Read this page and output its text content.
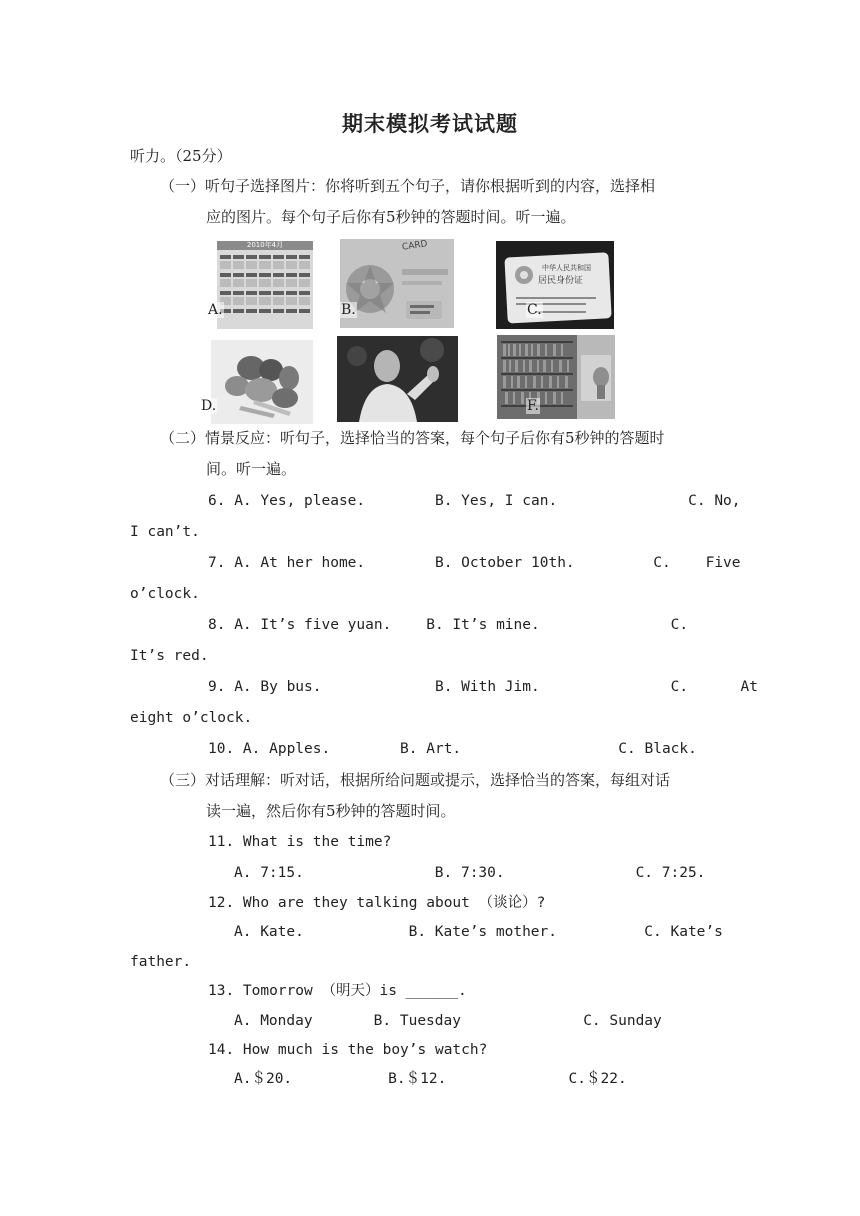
期末模拟考试试题
听力。（25分）
（一）听句子选择图片：你将听到五个句子，请你根据听到的内容，选择相
应的图片。每个句子后你有5秒钟的答题时间。听一遍。
2010年4月
A.
CARD
B.
中华人民共和国
居民身份证
C.
D.	F.
（二）情景反应：听句子，选择恰当的答案，每个句子后你有5秒钟的答题时
间。听一遍。
6. A. Yes, please.        B. Yes, I can.               C. No,
I can’t.
7. A. At her home.        B. October 10th.         C.    Five
o’clock.
8. A. It’s five yuan.    B. It’s mine.               C.
It’s red.
9. A. By bus.             B. With Jim.               C.      At
eight o’clock.
10. A. Apples.        B. Art.                  C. Black.
（三）对话理解：听对话，根据所给问题或提示，选择恰当的答案，每组对话
读一遍，然后你有5秒钟的答题时间。
11. What is the time?
A. 7:15.               B. 7:30.               C. 7:25.
12. Who are they talking about （谈论）?
A. Kate.            B. Kate’s mother.          C. Kate’s
father.
13. Tomorrow （明天）is ______.
A. Monday       B. Tuesday              C. Sunday
14. How much is the boy’s watch?
A.＄20.           B.＄12.              C.＄22.
